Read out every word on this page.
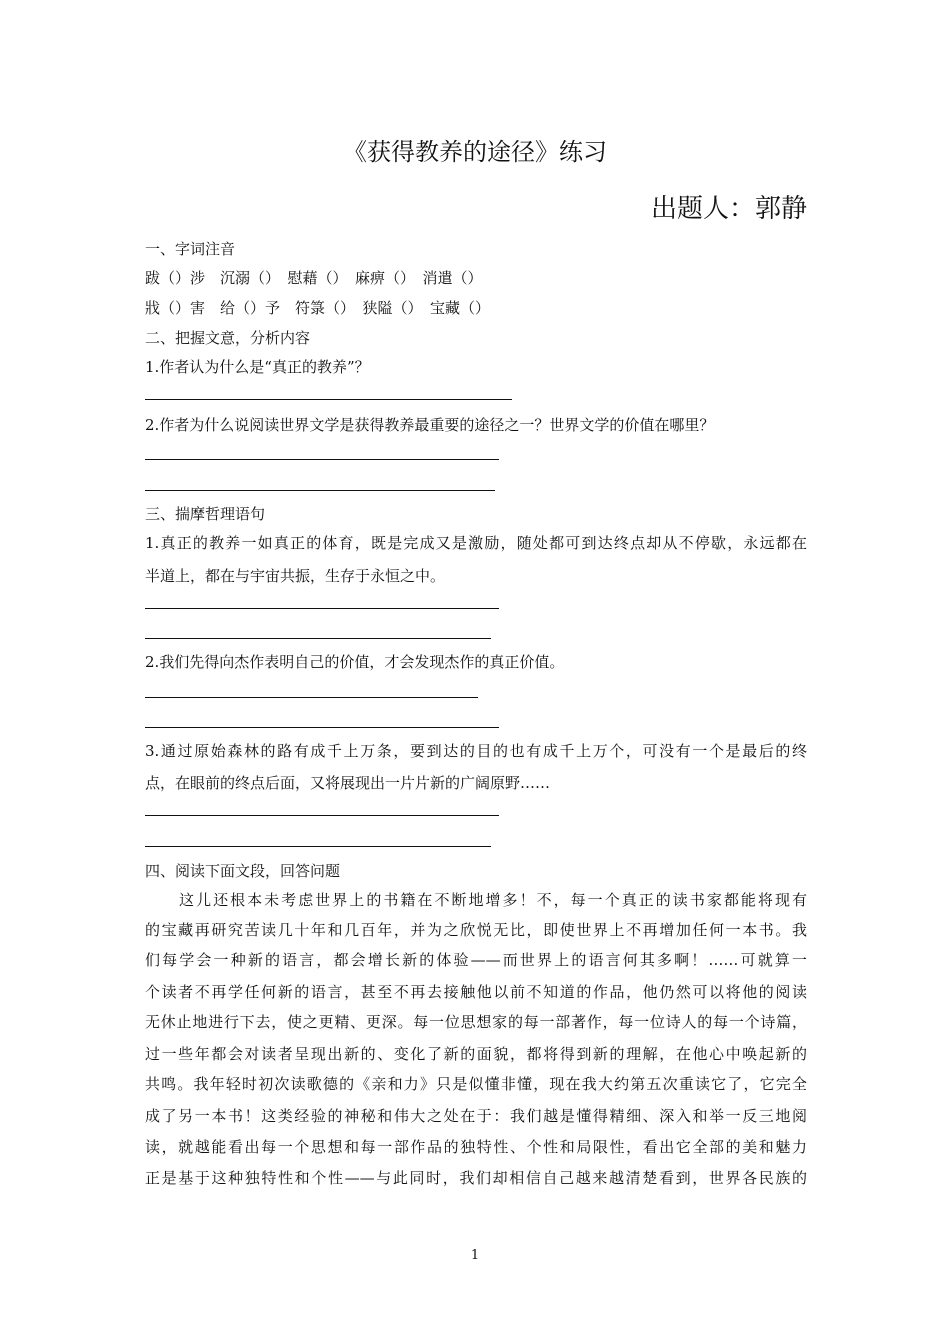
《获得教养的途径》练习
出题人：郭静
一、字词注音
跋（）涉　沉溺（）　慰藉（）　麻痹（）　消遣（）
戕（）害　给（）予　符箓（）　狭隘（）　宝藏（）
二、把握文意，分析内容
1.作者认为什么是“真正的教养”？
2.作者为什么说阅读世界文学是获得教养最重要的途径之一？世界文学的价值在哪里？
三、揣摩哲理语句
1.真正的教养一如真正的体育，既是完成又是激励，随处都可到达终点却从不停歇，永远都在
半道上，都在与宇宙共振，生存于永恒之中。
2.我们先得向杰作表明自己的价值，才会发现杰作的真正价值。
3.通过原始森林的路有成千上万条，要到达的目的也有成千上万个，可没有一个是最后的终
点，在眼前的终点后面，又将展现出一片片新的广阔原野……
四、阅读下面文段，回答问题
　　这儿还根本未考虑世界上的书籍在不断地增多！不，每一个真正的读书家都能将现有
的宝藏再研究苦读几十年和几百年，并为之欣悦无比，即使世界上不再增加任何一本书。我
们每学会一种新的语言，都会增长新的体验——而世界上的语言何其多啊！……可就算一
个读者不再学任何新的语言，甚至不再去接触他以前不知道的作品，他仍然可以将他的阅读
无休止地进行下去，使之更精、更深。每一位思想家的每一部著作，每一位诗人的每一个诗篇，
过一些年都会对读者呈现出新的、变化了新的面貌，都将得到新的理解，在他心中唤起新的
共鸣。我年轻时初次读歌德的《亲和力》只是似懂非懂，现在我大约第五次重读它了，它完全
成了另一本书！这类经验的神秘和伟大之处在于：我们越是懂得精细、深入和举一反三地阅
读，就越能看出每一个思想和每一部作品的独特性、个性和局限性，看出它全部的美和魅力
正是基于这种独特性和个性——与此同时，我们却相信自己越来越清楚看到，世界各民族的
1
